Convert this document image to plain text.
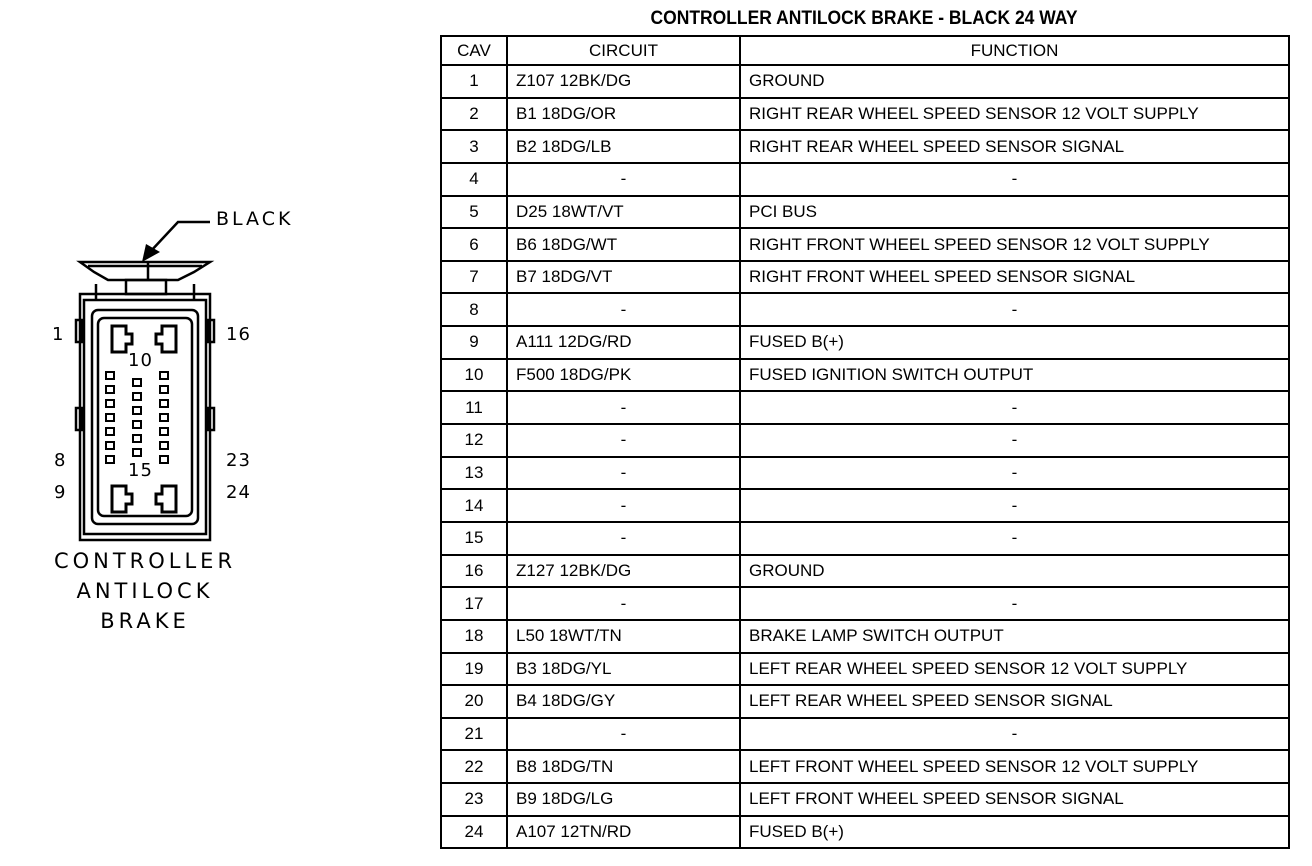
BLACK
1	16
10
8	23
15
9	24
CONTROLLER
ANTILOCK
BRAKE
CONTROLLER ANTILOCK BRAKE - BLACK 24 WAY
CAV	CIRCUIT	FUNCTION
1	Z107 12BK/DG	GROUND
2	B1 18DG/OR	RIGHT REAR WHEEL SPEED SENSOR 12 VOLT SUPPLY
3	B2 18DG/LB	RIGHT REAR WHEEL SPEED SENSOR SIGNAL
4	-	-
5	D25 18WT/VT	PCI BUS
6	B6 18DG/WT	RIGHT FRONT WHEEL SPEED SENSOR 12 VOLT SUPPLY
7	B7 18DG/VT	RIGHT FRONT WHEEL SPEED SENSOR SIGNAL
8	-	-
9	A111 12DG/RD	FUSED B(+)
10	F500 18DG/PK	FUSED IGNITION SWITCH OUTPUT
11	-	-
12	-	-
13	-	-
14	-	-
15	-	-
16	Z127 12BK/DG	GROUND
17	-	-
18	L50 18WT/TN	BRAKE LAMP SWITCH OUTPUT
19	B3 18DG/YL	LEFT REAR WHEEL SPEED SENSOR 12 VOLT SUPPLY
20	B4 18DG/GY	LEFT REAR WHEEL SPEED SENSOR SIGNAL
21	-	-
22	B8 18DG/TN	LEFT FRONT WHEEL SPEED SENSOR 12 VOLT SUPPLY
23	B9 18DG/LG	LEFT FRONT WHEEL SPEED SENSOR SIGNAL
24	A107 12TN/RD	FUSED B(+)
